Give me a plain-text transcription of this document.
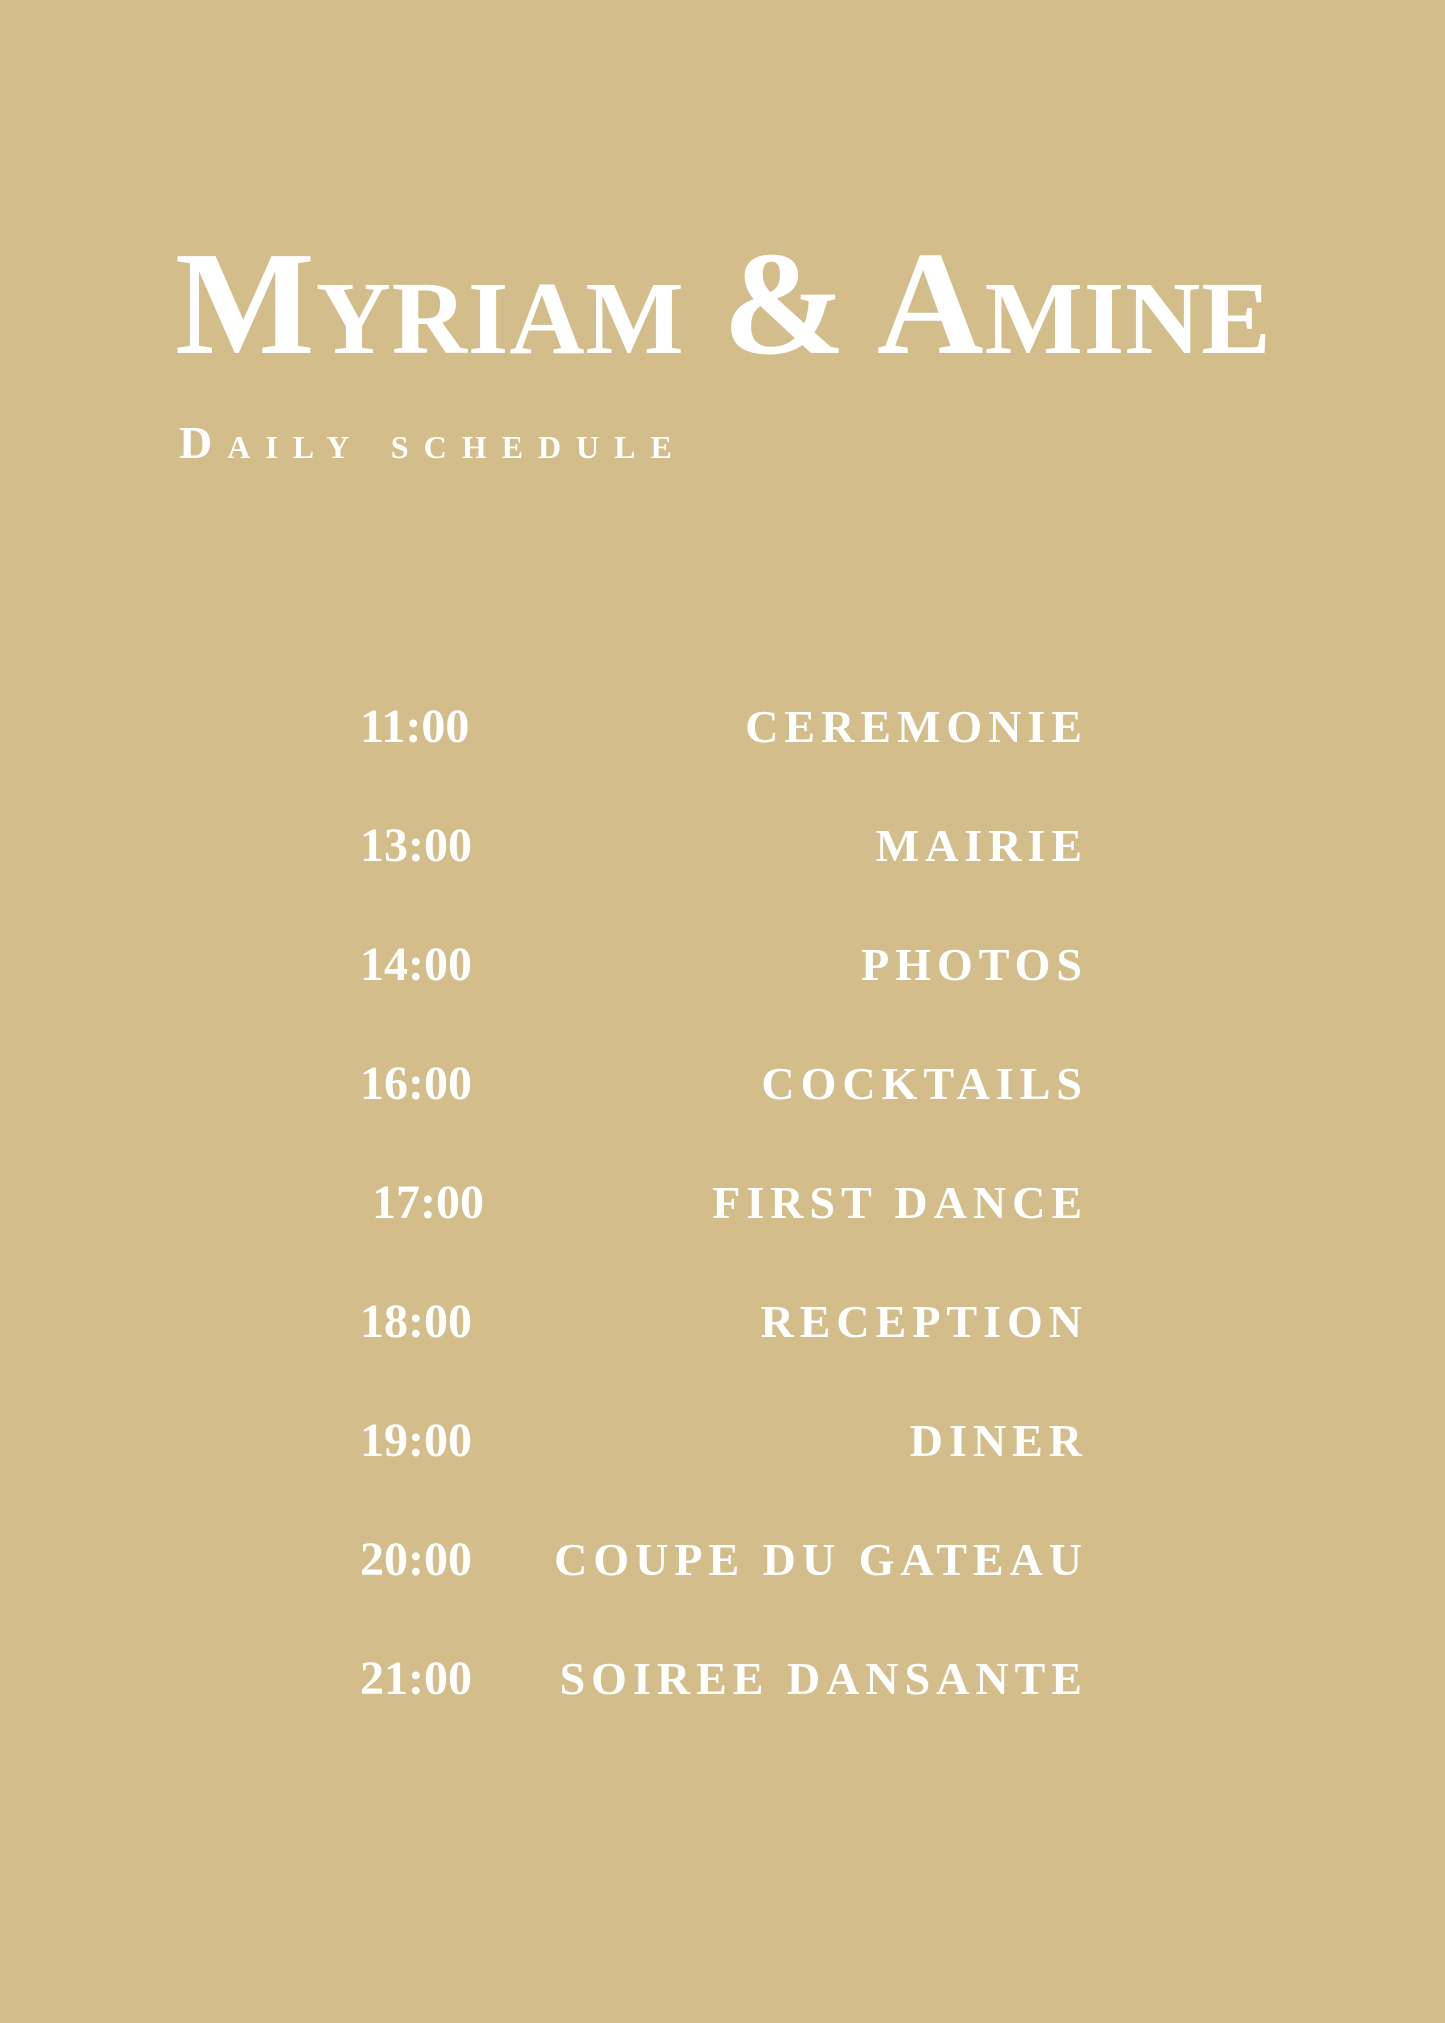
Myriam & Amine
Daily schedule
11:00	CEREMONIE
13:00	MAIRIE
14:00	PHOTOS
16:00	COCKTAILS
17:00	FIRST DANCE
18:00	RECEPTION
19:00	DINER
20:00 COUPE DU GATEAU
21:00 SOIREE DANSANTE
